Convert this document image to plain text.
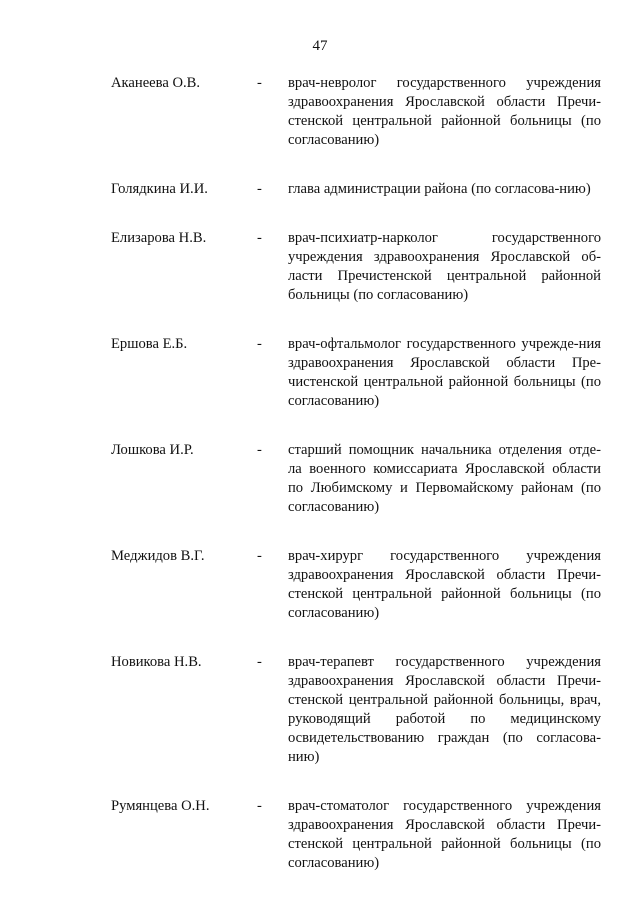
47
Аканеева О.В.	- врач-невролог государственного учреждения здравоохранения Ярославской области Пречи-стенской центральной районной больницы (по согласованию)
Голядкина И.И.	- глава администрации района (по согласова-нию)
Елизарова Н.В.	- врач-психиатр-нарколог государственного учреждения здравоохранения Ярославской об-ласти Пречистенской центральной районной больницы (по согласованию)
Ершова Е.Б.	- врач-офтальмолог государственного учрежде-ния здравоохранения Ярославской области Пре-чистенской центральной районной больницы (по согласованию)
Лошкова И.Р.	- старший помощник начальника отделения отде-ла военного комиссариата Ярославской области по Любимскому и Первомайскому районам (по согласованию)
Меджидов В.Г.	- врач-хирург государственного учреждения здравоохранения Ярославской области Пречи-стенской центральной районной больницы (по согласованию)
Новикова Н.В.	- врач-терапевт государственного учреждения здравоохранения Ярославской области Пречи-стенской центральной районной больницы, врач, руководящий работой по медицинскому освидетельствованию граждан (по согласова-нию)
Румянцева О.Н.	- врач-стоматолог государственного учреждения здравоохранения Ярославской области Пречи-стенской центральной районной больницы (по согласованию)
